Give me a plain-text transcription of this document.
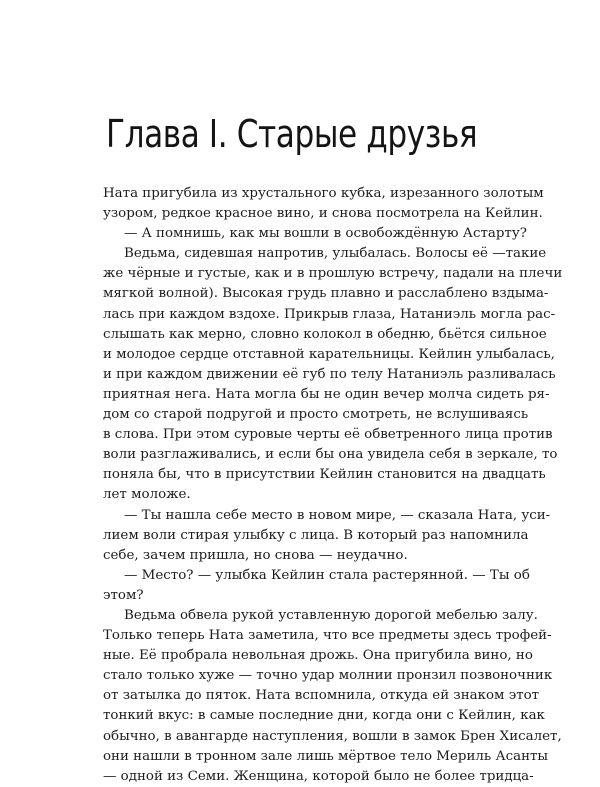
Глава I. Старые друзья
Ната пригубила из хрустального кубка, изрезанного золотым
узором, редкое красное вино, и снова посмотрела на Кейлин.
— А помнишь, как мы вошли в освобождённую Астарту?
Ведьма, сидевшая напротив, улыбалась. Волосы её —такие
же чёрные и густые, как и в прошлую встречу, падали на плечи
мягкой волной). Высокая грудь плавно и расслаблено вздыма-
лась при каждом вздохе. Прикрыв глаза, Натаниэль могла рас-
слышать как мерно, словно колокол в обедню, бьётся сильное
и молодое сердце отставной карательницы. Кейлин улыбалась,
и при каждом движении её губ по телу Натаниэль разливалась
приятная нега. Ната могла бы не один вечер молча сидеть ря-
дом со старой подругой и просто смотреть, не вслушиваясь
в слова. При этом суровые черты её обветренного лица против
воли разглаживались, и если бы она увидела себя в зеркале, то
поняла бы, что в присутствии Кейлин становится на двадцать
лет моложе.
— Ты нашла себе место в новом мире, — сказала Ната, уси-
лием воли стирая улыбку с лица. В который раз напомнила
себе, зачем пришла, но снова — неудачно.
— Место? — улыбка Кейлин стала растерянной. — Ты об
этом?
Ведьма обвела рукой уставленную дорогой мебелью залу.
Только теперь Ната заметила, что все предметы здесь трофей-
ные. Её пробрала невольная дрожь. Она пригубила вино, но
стало только хуже — точно удар молнии пронзил позвоночник
от затылка до пяток. Ната вспомнила, откуда ей знаком этот
тонкий вкус: в самые последние дни, когда они с Кейлин, как
обычно, в авангарде наступления, вошли в замок Брен Хисалет,
они нашли в тронном зале лишь мёртвое тело Мериль Асанты
— одной из Семи. Женщина, которой было не более тридца-
